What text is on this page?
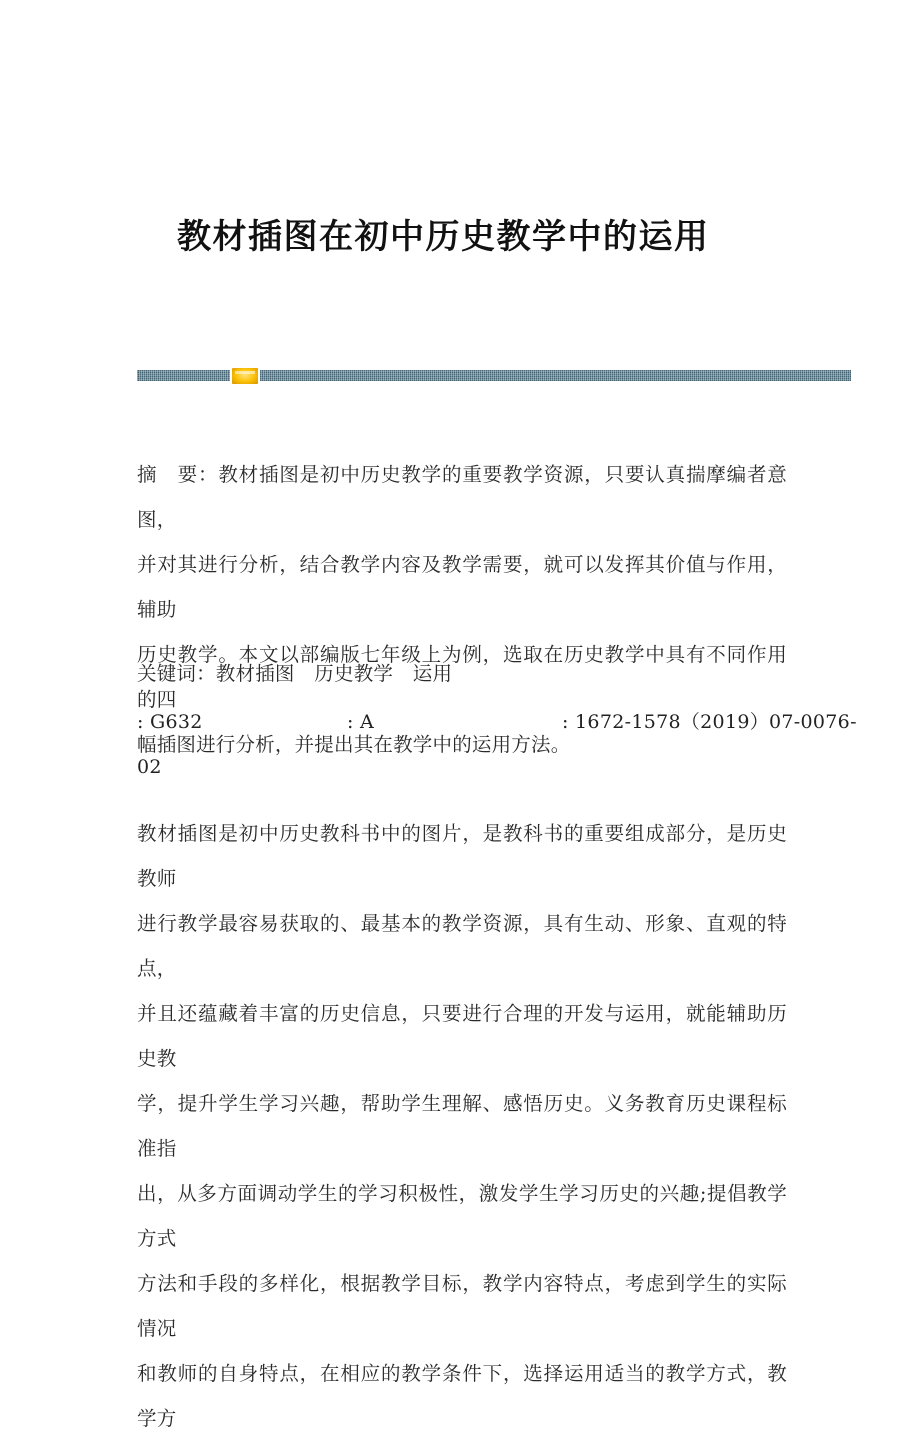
教材插图在初中历史教学中的运用

摘　要：教材插图是初中历史教学的重要教学资源，只要认真揣摩编者意图，

并对其进行分析，结合教学内容及教学需要，就可以发挥其价值与作用，辅助

历史教学。本文以部编版七年级上为例，选取在历史教学中具有不同作用的四

幅插图进行分析，并提出其在教学中的运用方法。

关键词：教材插图　历史教学　运用

: G632	: A	: 1672-1578（2019）07-0076-
02

教材插图是初中历史教科书中的图片，是教科书的重要组成部分，是历史教师

进行教学最容易获取的、最基本的教学资源，具有生动、形象、直观的特点，

并且还蕴藏着丰富的历史信息，只要进行合理的开发与运用，就能辅助历史教

学，提升学生学习兴趣，帮助学生理解、感悟历史。义务教育历史课程标准指

出，从多方面调动学生的学习积极性，激发学生学习历史的兴趣;提倡教学方式

方法和手段的多样化，根据教学目标，教学内容特点，考虑到学生的实际情况

和教师的自身特点，在相应的教学条件下，选择运用适当的教学方式，教学方
